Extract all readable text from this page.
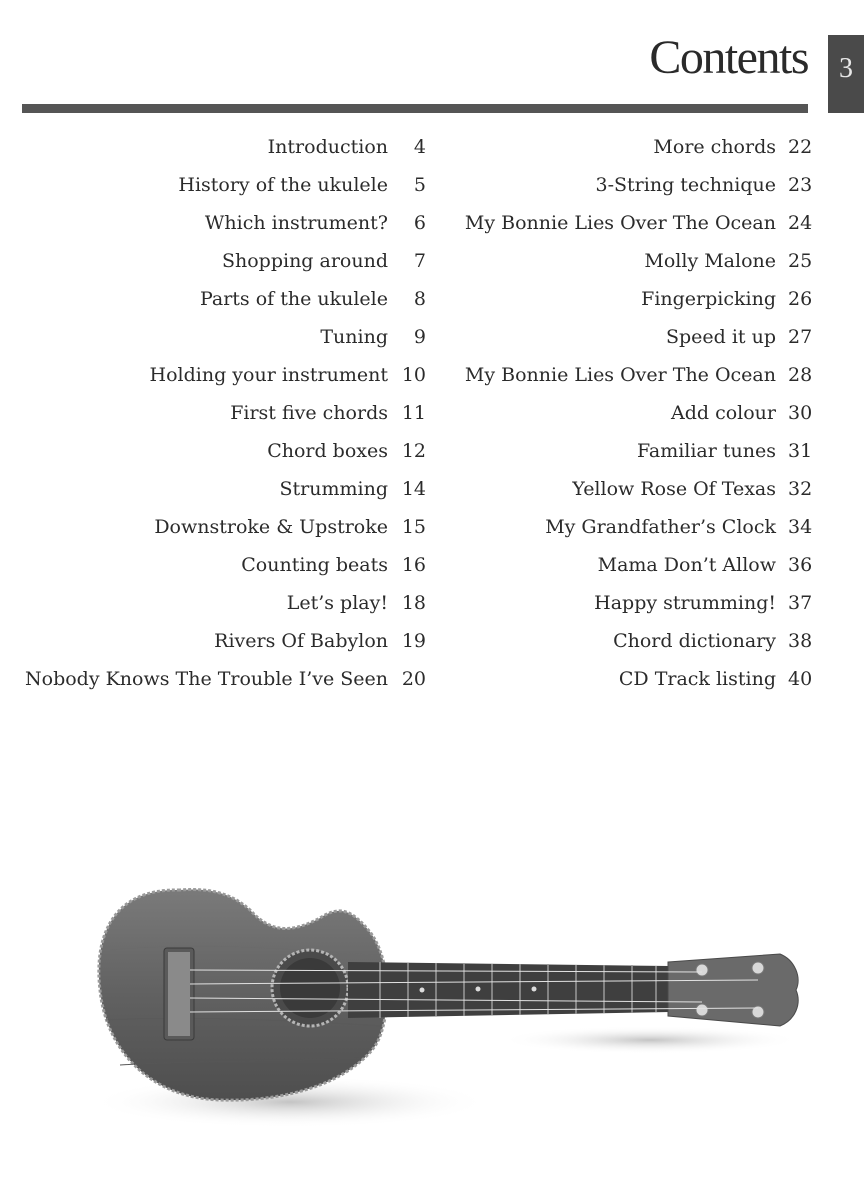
Contents 3
Introduction	4
History of the ukulele	5
Which instrument?	6
Shopping around	7
Parts of the ukulele	8
Tuning	9
Holding your instrument 10
First five chords 11
Chord boxes 12
Strumming 14
Downstroke & Upstroke 15
Counting beats 16
Let’s play! 18
Rivers Of Babylon 19
Nobody Knows The Trouble I’ve Seen 20
More chords 22
3-String technique 23
My Bonnie Lies Over The Ocean 24
Molly Malone 25
Fingerpicking 26
Speed it up 27
My Bonnie Lies Over The Ocean 28
Add colour 30
Familiar tunes 31
Yellow Rose Of Texas 32
My Grandfather’s Clock 34
Mama Don’t Allow 36
Happy strumming! 37
Chord dictionary 38
CD Track listing 40
